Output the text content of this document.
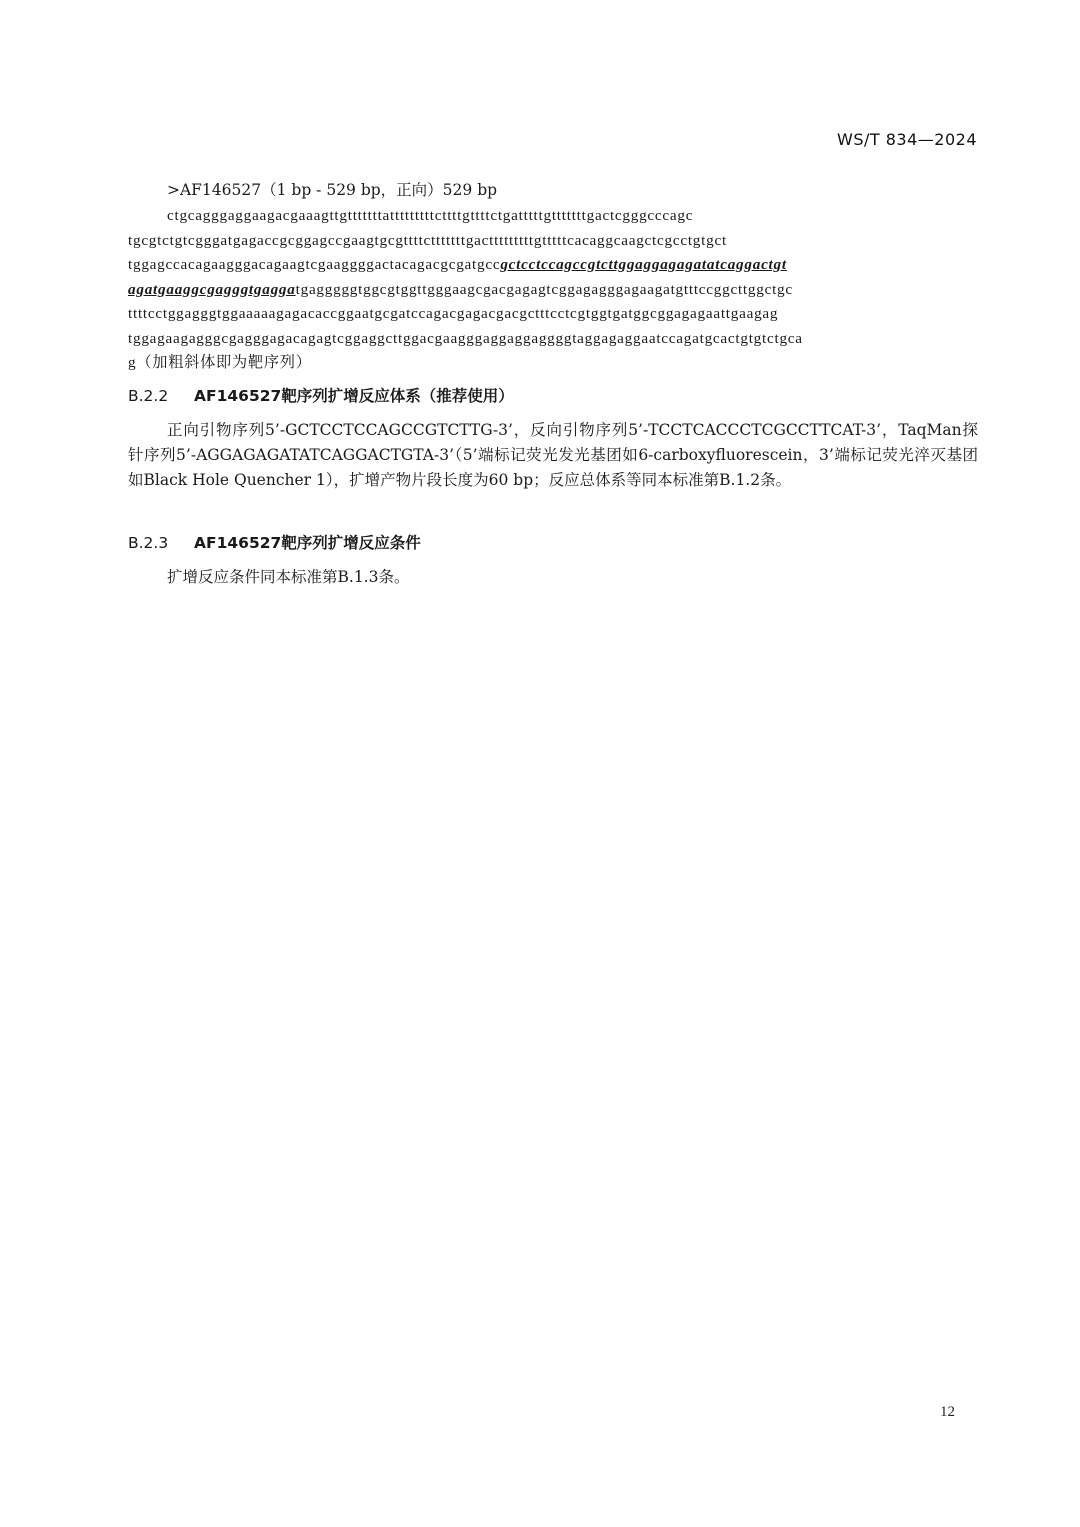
WS/T 834—2024
>AF146527（1 bp - 529 bp，正向）529 bp
ctgcagggaggaagacgaaagttgtttttttatttttttttcttttgttttctgatttttgtttttttgactcgggcccagc
tgcgtctgtcgggatgagaccgcggagccgaagtgcgttttctttttttgactttttttttgtttttcacaggcaagctcgcctgtgct
tggagccacagaagggacagaagtcgaaggggactacagacgcgatgccgctcctccagccgtcttggaggagagatatcaggactgt
agatgaaggcgagggtgaggatgagggggtggcgtggttgggaagcgacgagagtcggagagggagaagatgtttccggcttggctgc
ttttcctggagggtggaaaaagagacaccggaatgcgatccagacgagacgacgctttcctcgtggtgatggcggagagaattgaagag
tggagaagagggcgagggagacagagtcggaggcttggacgaagggaggaggaggggtaggagaggaatccagatgcactgtgtctgca
g（加粗斜体即为靶序列）
B.2.2 AF146527靶序列扩增反应体系（推荐使用）
正向引物序列5’-GCTCCTCCAGCCGTCTTG-3’，反向引物序列5’-TCCTCACCCTCGCCTTCAT-3’，TaqMan探针序列5’-AGGAGAGATATCAGGACTGTA-3’（5’端标记荧光发光基团如6-carboxyfluorescein，3’端标记荧光淬灭基团如Black Hole Quencher 1），扩增产物片段长度为60 bp；反应总体系等同本标准第B.1.2条。
B.2.3 AF146527靶序列扩增反应条件
扩增反应条件同本标准第B.1.3条。
12
